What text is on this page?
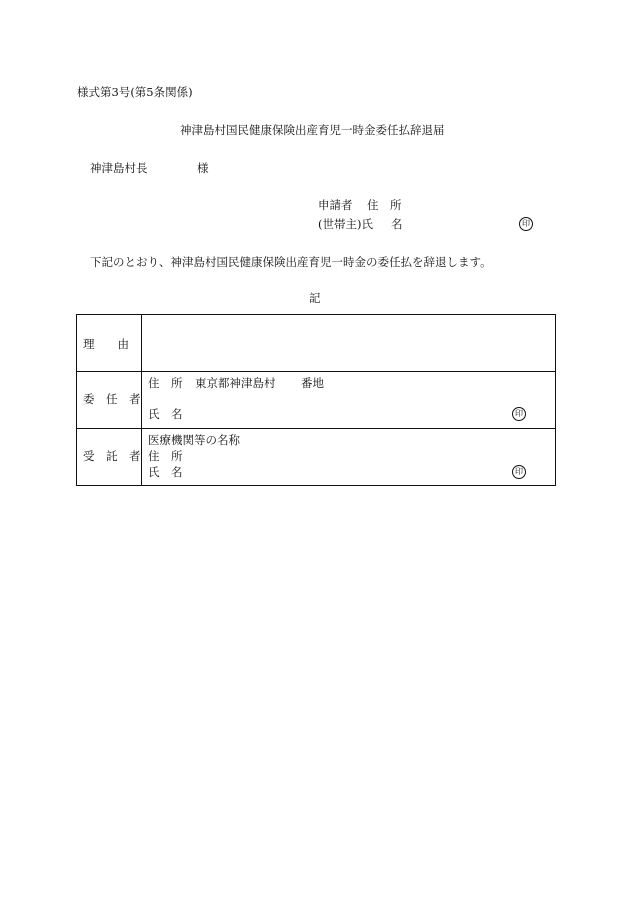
様式第3号(第5条関係)
神津島村国民健康保険出産育児一時金委任払辞退届
神津島村長	様
申請者 住　所
(世帯主)氏 名	印
下記のとおり、神津島村国民健康保険出産育児一時金の委任払を辞退します。
記
理　　由	

委　任　者	住　所 東京都神津島村 番地
氏　名 印

受　託　者	医療機関等の名称
住　所
氏　名 印
